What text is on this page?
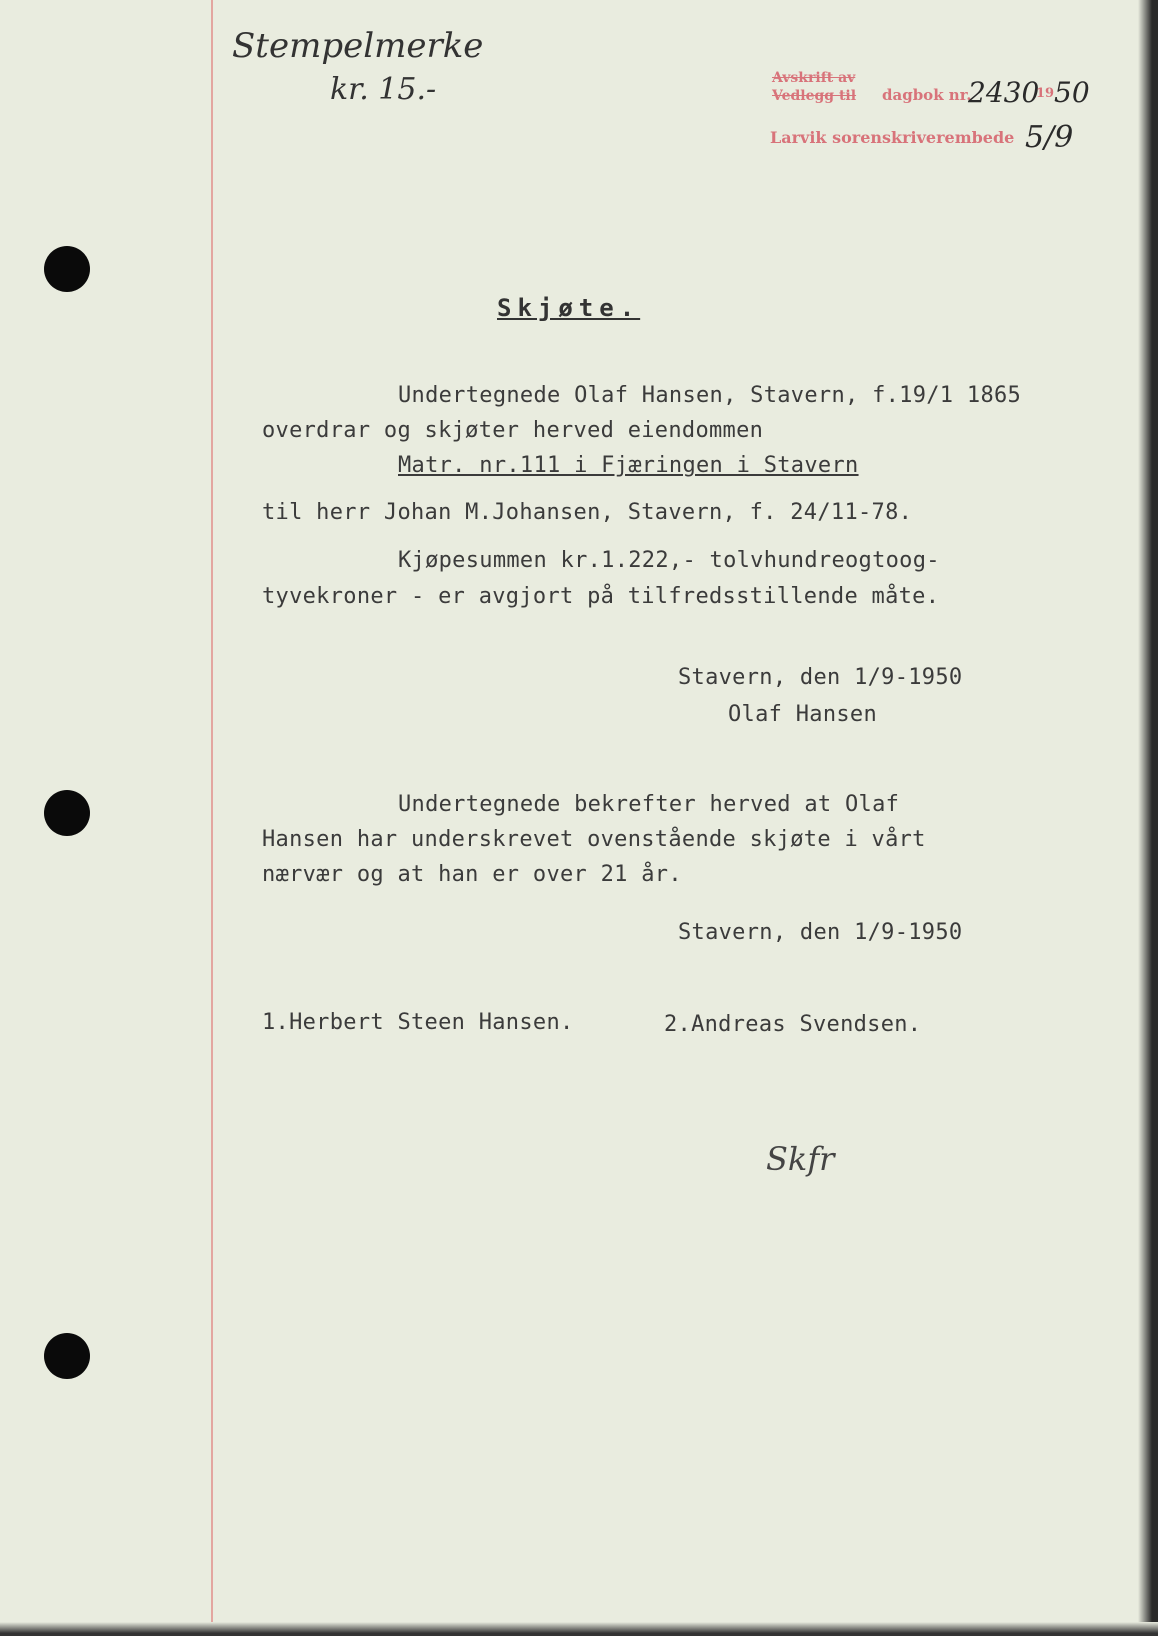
Stempelmerke
kr. 15.-	Avskrift av
Vedlegg til dagbok nr.
2430
19 50
Larvik sorenskriverembede 5/9
Skjøte.
Undertegnede Olaf Hansen, Stavern, f.19/1 1865
overdrar og skjøter herved eiendommen
Matr. nr.111 i Fjæringen i Stavern
til herr Johan M.Johansen, Stavern, f. 24/11-78.
Kjøpesummen kr.1.222,- tolvhundreogtoog-
tyvekroner - er avgjort på tilfredsstillende måte.
Stavern, den 1/9-1950
Olaf Hansen
Undertegnede bekrefter herved at Olaf
Hansen har underskrevet ovenstående skjøte i vårt
nærvær og at han er over 21 år.
Stavern, den 1/9-1950
1.Herbert Steen Hansen.	2.Andreas Svendsen.
Skfr
